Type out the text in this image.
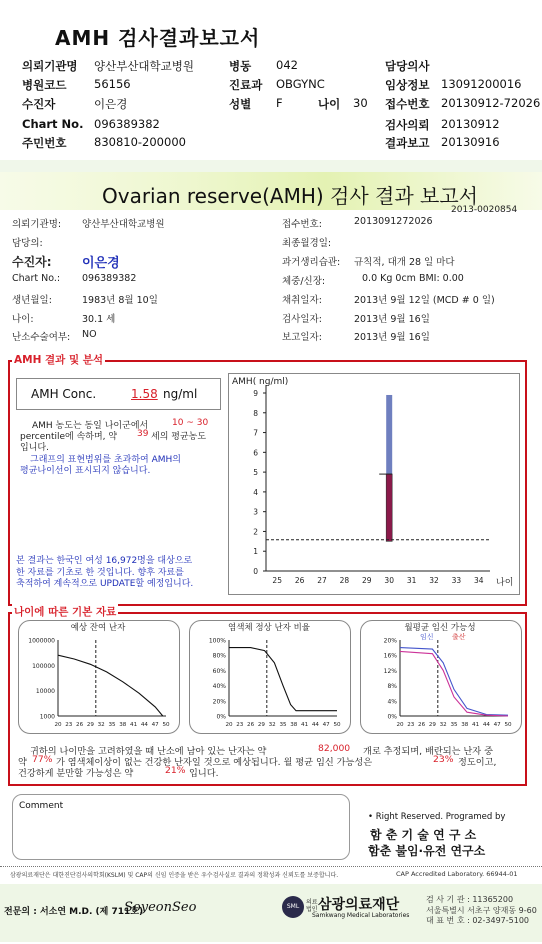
AMH 검사결과보고서
의뢰기관명 양산부산대학교병원	병동 042	담당의사
병원코드 56156	진료과 OBGYNC	임상정보 13091200016
수진자	이은경	성별 F	나이 30 접수번호 20130912-72026
Chart No. 096389382	검사의뢰 20130912
주민번호 830810-200000	결과보고 20130916
Ovarian reserve(AMH) 검사 결과 보고서
2013-0020854
의뢰기관명: 양산부산대학교병원
담당의:
수진자: 이은경
Chart No.: 096389382
생년월일:	1983년 8월 10일
나이:	30.1 세
난소수술여부: NO
접수번호:	2013091272026
최종월경일:
과거생리습관: 규칙적, 대개 28 일 마다
체중/신장:	0.0 Kg 0cm BMI: 0.00
채취일자:	2013년 9월 12일 (MCD # 0 일)
검사일자:	2013년 9월 16일
보고일자:	2013년 9월 16일
AMH 결과 및 분석
AMH Conc.	1.58 ng/ml
AMH 농도는 동일 나이군에서	10 ~ 30
percentile에 속하며, 약 39 세의 평균농도
입니다.
그래프의 표현범위를 초과하여 AMH의
평균나이선이 표시되지 않습니다.
본 결과는 한국인 여성 16,972명을 대상으로
한 자료를 기초로 한 것입니다. 향후 자료를
축적하여 계속적으로 UPDATE할 예정입니다.
AMH( ng/ml)
0
1
2
3
4
5
6
7
8
9
25 26 27 28 29 30 31 32 33 34 나이
나이에 따른 기본 자료
예상 잔여 난자
1000000
100000
10000
1000
20 23 26 29 32 35 38 41 44 47 50
염색체 정상 난자 비율
100%
80%
60%
40%
20%
0%
20 23 26 29 32 35 38 41 44 47 50
월평균 임신 가능성
20%
16%
12%
8%
4%
0%
20 23 26 29 32 35 38 41 44 47 50
임신	출산
귀하의 나이만을 고려하였을 때 난소에 남아 있는 난자는 약	82,000 개로 추정되며, 배란되는 난자 중
약 77% 가 염색체이상이 없는 건강한 난자일 것으로 예상됩니다. 월 평균 임신 가능성은	23% 정도이고,
건강하게 분만할 가능성은 약	21% 입니다.
Comment
• Right Reserved. Programed by
함 춘 기 술 연 구 소
함춘 불임·유전 연구소
삼광의료재단은 대한진단검사의학회(KSLM) 및 CAP의 신임 인증을 받은 우수검사실로 결과의 정확성과 신뢰도를 보증합니다.	CAP Accredited Laboratory. 66944-01
전문의 : 서소연 M.D. (제 711호)
SoyeonSeo	SML
의료법인 삼광의료재단
Samkwang Medical Laboratories
검 사 기 관 : 11365200
서울특별시 서초구 양재동 9-60
대 표 번 호 : 02-3497-5100
